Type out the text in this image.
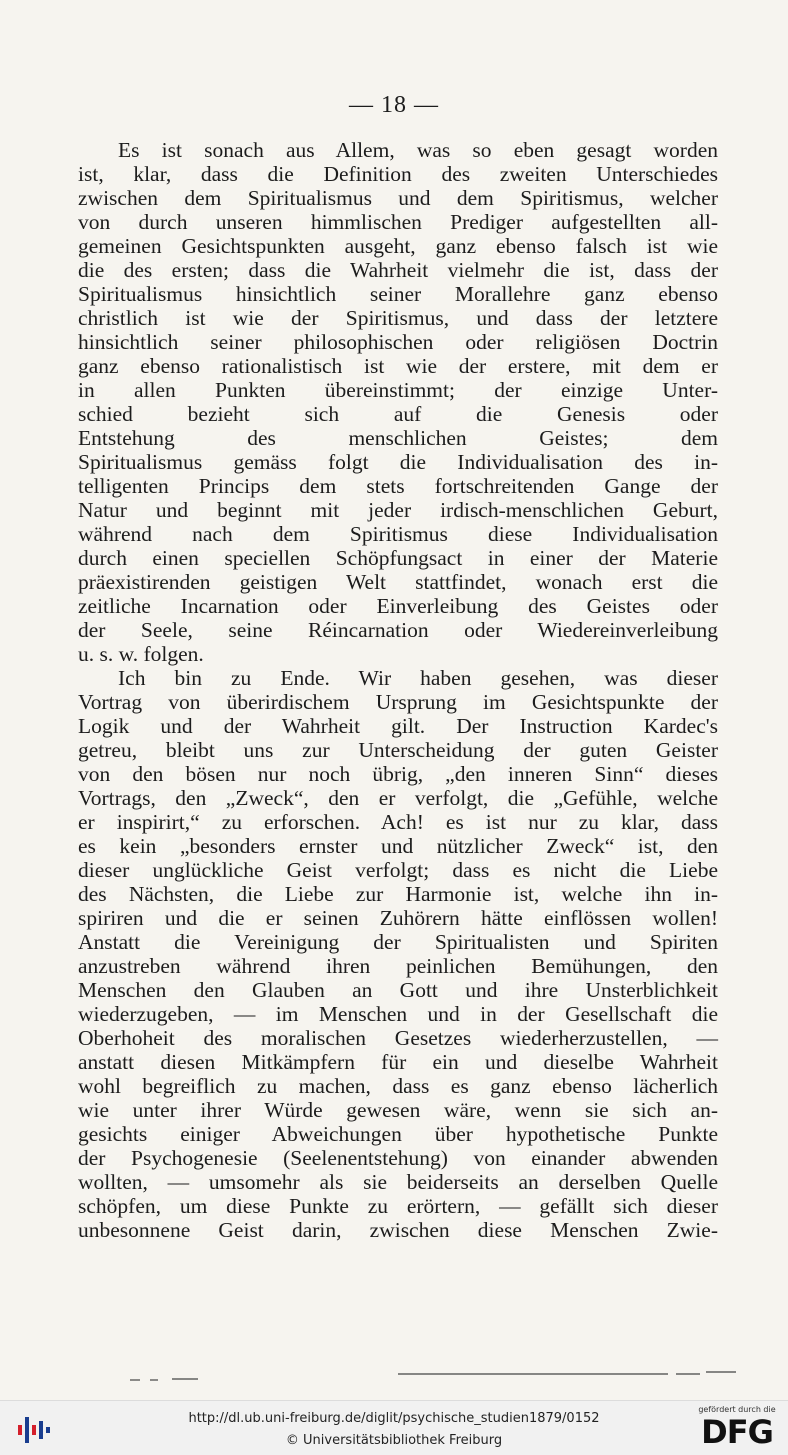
— 18 —
Es ist sonach aus Allem, was so eben gesagt worden
ist, klar, dass die Definition des zweiten Unterschiedes
zwischen dem Spiritualismus und dem Spiritismus, welcher
von durch unseren himmlischen Prediger aufgestellten all-
gemeinen Gesichtspunkten ausgeht, ganz ebenso falsch ist wie
die des ersten; dass die Wahrheit vielmehr die ist, dass der
Spiritualismus hinsichtlich seiner Morallehre ganz ebenso
christlich ist wie der Spiritismus, und dass der letztere
hinsichtlich seiner philosophischen oder religiösen Doctrin
ganz ebenso rationalistisch ist wie der erstere, mit dem er
in allen Punkten übereinstimmt; der einzige Unter-
schied bezieht sich auf die Genesis oder
Entstehung des menschlichen Geistes; dem
Spiritualismus gemäss folgt die Individualisation des in-
telligenten Princips dem stets fortschreitenden Gange der
Natur und beginnt mit jeder irdisch-menschlichen Geburt,
während nach dem Spiritismus diese Individualisation
durch einen speciellen Schöpfungsact in einer der Materie
präexistirenden geistigen Welt stattfindet, wonach erst die
zeitliche Incarnation oder Einverleibung des Geistes oder
der Seele, seine Réincarnation oder Wiedereinverleibung
u. s. w. folgen.
Ich bin zu Ende. Wir haben gesehen, was dieser
Vortrag von überirdischem Ursprung im Gesichtspunkte der
Logik und der Wahrheit gilt. Der Instruction Kardec's
getreu, bleibt uns zur Unterscheidung der guten Geister
von den bösen nur noch übrig, „den inneren Sinn“ dieses
Vortrags, den „Zweck“, den er verfolgt, die „Gefühle, welche
er inspirirt,“ zu erforschen. Ach! es ist nur zu klar, dass
es kein „besonders ernster und nützlicher Zweck“ ist, den
dieser unglückliche Geist verfolgt; dass es nicht die Liebe
des Nächsten, die Liebe zur Harmonie ist, welche ihn in-
spiriren und die er seinen Zuhörern hätte einflössen wollen!
Anstatt die Vereinigung der Spiritualisten und Spiriten
anzustreben während ihren peinlichen Bemühungen, den
Menschen den Glauben an Gott und ihre Unsterblichkeit
wiederzugeben, — im Menschen und in der Gesellschaft die
Oberhoheit des moralischen Gesetzes wiederherzustellen, —
anstatt diesen Mitkämpfern für ein und dieselbe Wahrheit
wohl begreiflich zu machen, dass es ganz ebenso lächerlich
wie unter ihrer Würde gewesen wäre, wenn sie sich an-
gesichts einiger Abweichungen über hypothetische Punkte
der Psychogenesie (Seelenentstehung) von einander abwenden
wollten, — umsomehr als sie beiderseits an derselben Quelle
schöpfen, um diese Punkte zu erörtern, — gefällt sich dieser
unbesonnene Geist darin, zwischen diese Menschen Zwie-
http://dl.ub.uni-freiburg.de/diglit/psychische_studien1879/0152
© Universitätsbibliothek Freiburg
gefördert durch die
DFG
